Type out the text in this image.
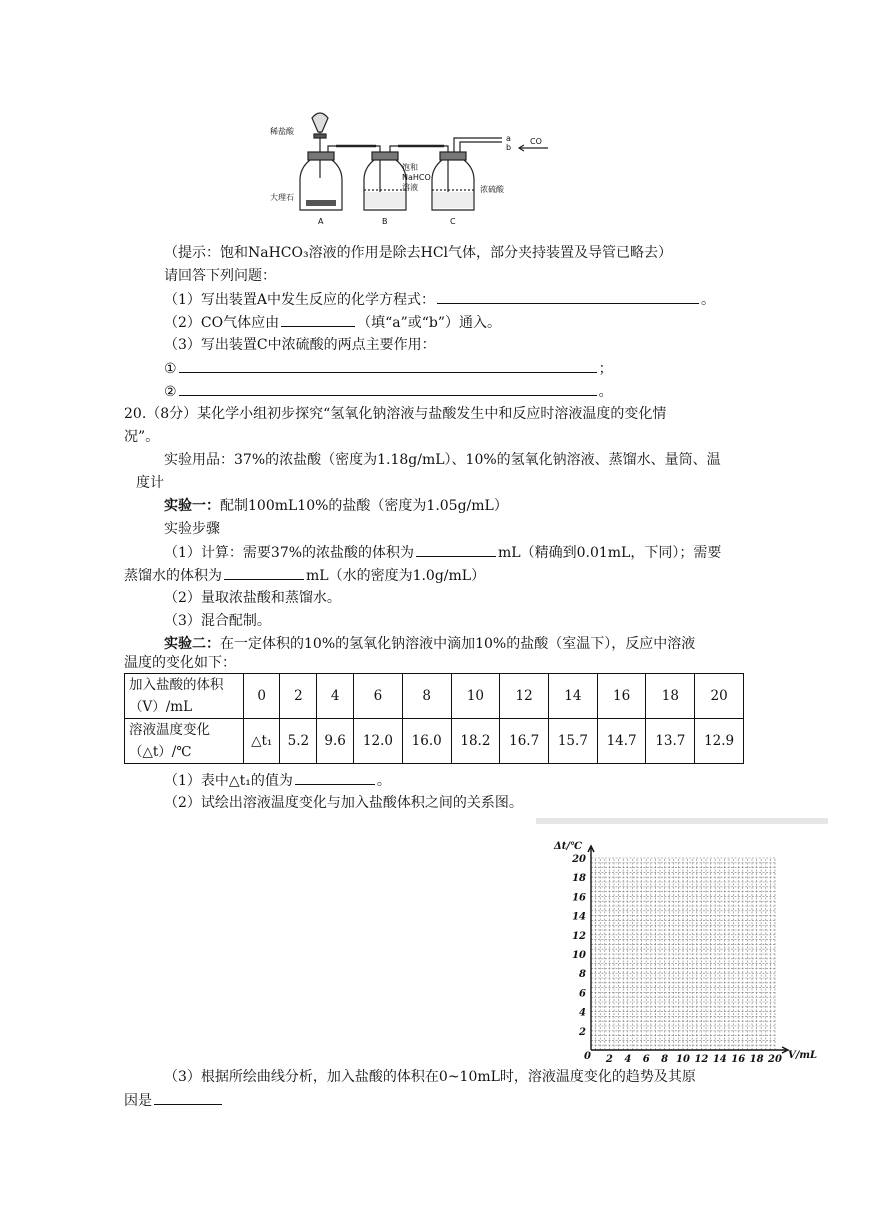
稀盐酸
大理石
饱和
NaHCO
溶液	浓硫酸
a
b
CO
A	B	C
（提示：饱和NaHCO₃溶液的作用是除去HCl气体，部分夹持装置及导管已略去）
请回答下列问题：
（1）写出装置A中发生反应的化学方程式：	。
（2）CO气体应由	（填“a”或“b”）通入。
（3）写出装置C中浓硫酸的两点主要作用：
①	；
②	。
20.（8分）某化学小组初步探究“氢氧化钠溶液与盐酸发生中和反应时溶液温度的变化情
况”。
实验用品：37%的浓盐酸（密度为1.18g/mL）、10%的氢氧化钠溶液、蒸馏水、量筒、温
度计
实验一：配制100mL10%的盐酸（密度为1.05g/mL）
实验步骤
（1）计算：需要37%的浓盐酸的体积为	mL（精确到0.01mL，下同）；需要
蒸馏水的体积为	mL（水的密度为1.0g/mL）
（2）量取浓盐酸和蒸馏水。
（3）混合配制。
实验二：在一定体积的10%的氢氧化钠溶液中滴加10%的盐酸（室温下），反应中溶液
温度的变化如下：
加入盐酸的体积（V）/mL	0	2	4	6	8	10	12	14	16	18	20
溶液温度变化（△t）/℃	△t₁	5.2	9.6	12.0	16.0	18.2	16.7	15.7	14.7	13.7	12.9
（1）表中△t₁的值为	。
（2）试绘出溶液温度变化与加入盐酸体积之间的关系图。
2
4
6
8
10
12
14
16
18
20
2 4 6 8 10 12 14 16 18 20
Δt/℃
V/mL
0
（3）根据所绘曲线分析，加入盐酸的体积在0~10mL时，溶液温度变化的趋势及其原
因是
